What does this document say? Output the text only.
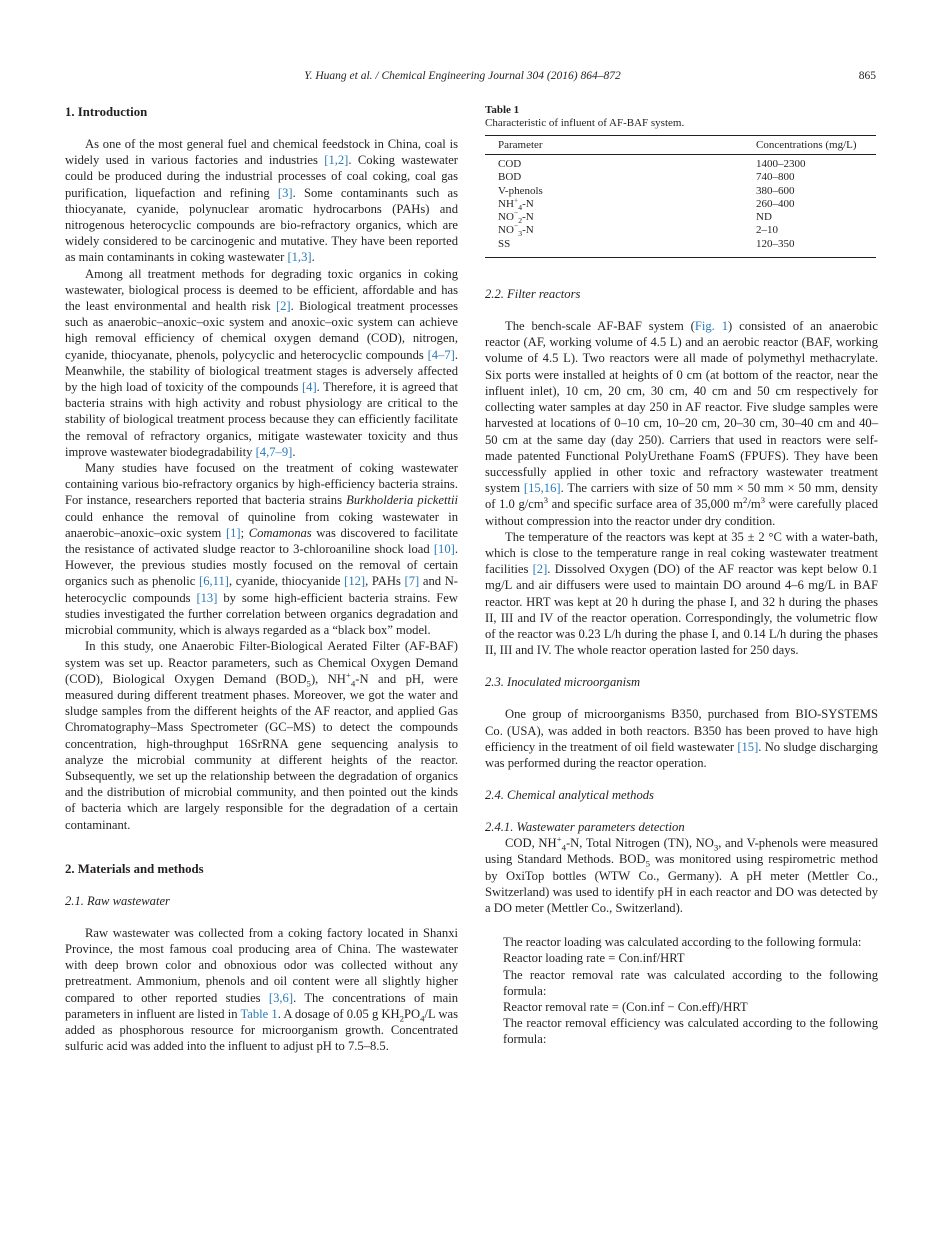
Y. Huang et al. / Chemical Engineering Journal 304 (2016) 864–872	865
1. Introduction

As one of the most general fuel and chemical feedstock in China, coal is widely used in various factories and industries [1,2]. Coking wastewater could be produced during the industrial processes of coal coking, coal gas purification, liquefaction and refining [3]. Some contaminants such as thiocyanate, cyanide, polynuclear aromatic hydrocarbons (PAHs) and nitrogenous heterocyclic compounds are bio-refractory organics, which are widely considered to be carcinogenic and mutative. They have been reported as main contaminants in coking wastewater [1,3].

Among all treatment methods for degrading toxic organics in coking wastewater, biological process is deemed to be efficient, affordable and has the least environmental and health risk [2]. Biological treatment processes such as anaerobic–anoxic–oxic system and anoxic–oxic system can achieve high removal efficiency of chemical oxygen demand (COD), nitrogen, cyanide, thiocyanate, phenols, polycyclic and heterocyclic compounds [4–7]. Meanwhile, the stability of biological treatment stages is adversely affected by the high load of toxicity of the compounds [4]. Therefore, it is agreed that bacteria strains with high activity and robust physiology are critical to the stability of biological treatment process because they can efficiently facilitate the removal of refractory organics, mitigate wastewater toxicity and thus improve wastewater biodegradability [4,7–9].

Many studies have focused on the treatment of coking wastewater containing various bio-refractory organics by high-efficiency bacteria strains. For instance, researchers reported that bacteria strains Burkholderia pickettii could enhance the removal of quinoline from coking wastewater in anaerobic–anoxic–oxic system [1]; Comamonas was discovered to facilitate the resistance of activated sludge reactor to 3-chloroaniline shock load [10]. However, the previous studies mostly focused on the removal of certain organics such as phenolic [6,11], cyanide, thiocyanide [12], PAHs [7] and N-heterocyclic compounds [13] by some high-efficient bacteria strains. Few studies investigated the further correlation between organics degradation and microbial community, which is always regarded as a “black box” model.

In this study, one Anaerobic Filter-Biological Aerated Filter (AF-BAF) system was set up. Reactor parameters, such as Chemical Oxygen Demand (COD), Biological Oxygen Demand $(BOD_5)$, $NH^+_4-N$ and pH, were measured during different treatment phases. Moreover, we got the water and sludge samples from the different heights of the AF reactor, and applied Gas Chromatography–Mass Spectrometer (GC–MS) to detect the compounds concentration, high-throughput 16SrRNA gene sequencing analysis to analyze the microbial community at different heights of the reactor. Subsequently, we set up the relationship between the degradation of organics and the distribution of microbial community, and then pointed out the kinds of bacteria which are largely responsible for the degradation of a certain contaminant.

2. Materials and methods
2.1. Raw wastewater

Raw wastewater was collected from a coking factory located in Shanxi Province, the most famous coal producing area of China. The wastewater with deep brown color and obnoxious odor was collected without any pretreatment. Ammonium, phenols and oil content were all slightly higher compared to other reported studies [3,6]. The concentrations of main parameters in influent are listed in Table 1. A dosage of 0.05 g $KH_2PO_4/L$ was added as phosphorous resource for microorganism growth. Concentrated sulfuric acid was added into the influent to adjust pH to 7.5–8.5.

Table 1
Characteristic of influent of AF-BAF system.
Parameter	Concentrations (mg/L)
COD	1400–2300
BOD	740–800
V-phenols	380–600
$NH^+_4-N$	260–400
$NO^-_2-N$	ND
$NO^-_3-N$	2–10
SS	120–350
2.2. Filter reactors

The bench-scale AF-BAF system (Fig. 1) consisted of an anaerobic reactor (AF, working volume of 4.5 L) and an aerobic reactor (BAF, working volume of 4.5 L). Two reactors were all made of polymethyl methacrylate. Six ports were installed at heights of 0 cm (at bottom of the reactor, near the influent inlet), 10 cm, 20 cm, 30 cm, 40 cm and 50 cm respectively for collecting water samples at day 250 in AF reactor. Five sludge samples were harvested at locations of 0–10 cm, 10–20 cm, 20–30 cm, 30–40 cm and 40–50 cm at the same day (day 250). Carriers that used in reactors were self-made patented Functional PolyUrethane FoamS (FPUFS). They have been successfully applied in other toxic and refractory wastewater treatment system [15,16]. The carriers with size of 50 mm × 50 mm × 50 mm, density of 1.0 $g/cm^3$ and specific surface area of 35,000 $m^2/m^3$ were carefully placed without compression into the reactor under dry condition.

The temperature of the reactors was kept at 35 ± 2 °C with a water-bath, which is close to the temperature range in real coking wastewater treatment facilities [2]. Dissolved Oxygen (DO) of the AF reactor was kept below 0.1 mg/L and air diffusers were used to maintain DO around 4–6 mg/L in BAF reactor. HRT was kept at 20 h during the phase I, and 32 h during the phases II, III and IV of the reactor operation. Correspondingly, the volumetric flow of the reactor was 0.23 L/h during the phase I, and 0.14 L/h during the phases II, III and IV. The whole reactor operation lasted for 250 days.

2.3. Inoculated microorganism

One group of microorganisms B350, purchased from BIO-SYSTEMS Co. (USA), was added in both reactors. B350 has been proved to have high efficiency in the treatment of oil field wastewater [15]. No sludge discharging was performed during the reactor operation.

2.4. Chemical analytical methods
2.4.1. Wastewater parameters detection

COD, $NH^+_4-N$, Total Nitrogen (TN), $NO_3$, and V-phenols were measured using Standard Methods. $BOD_5$ was monitored using respirometric method by OxiTop bottles (WTW Co., Germany). A pH meter (Mettler Co., Switzerland) was used to identify pH in each reactor and DO was detected by a DO meter (Mettler Co., Switzerland).

The reactor loading was calculated according to the following formula:

Reactor loading rate = Con.inf/HRT

The reactor removal rate was calculated according to the following formula:

Reactor removal rate = (Con.inf − Con.eff)/HRT

The reactor removal efficiency was calculated according to the following formula:
